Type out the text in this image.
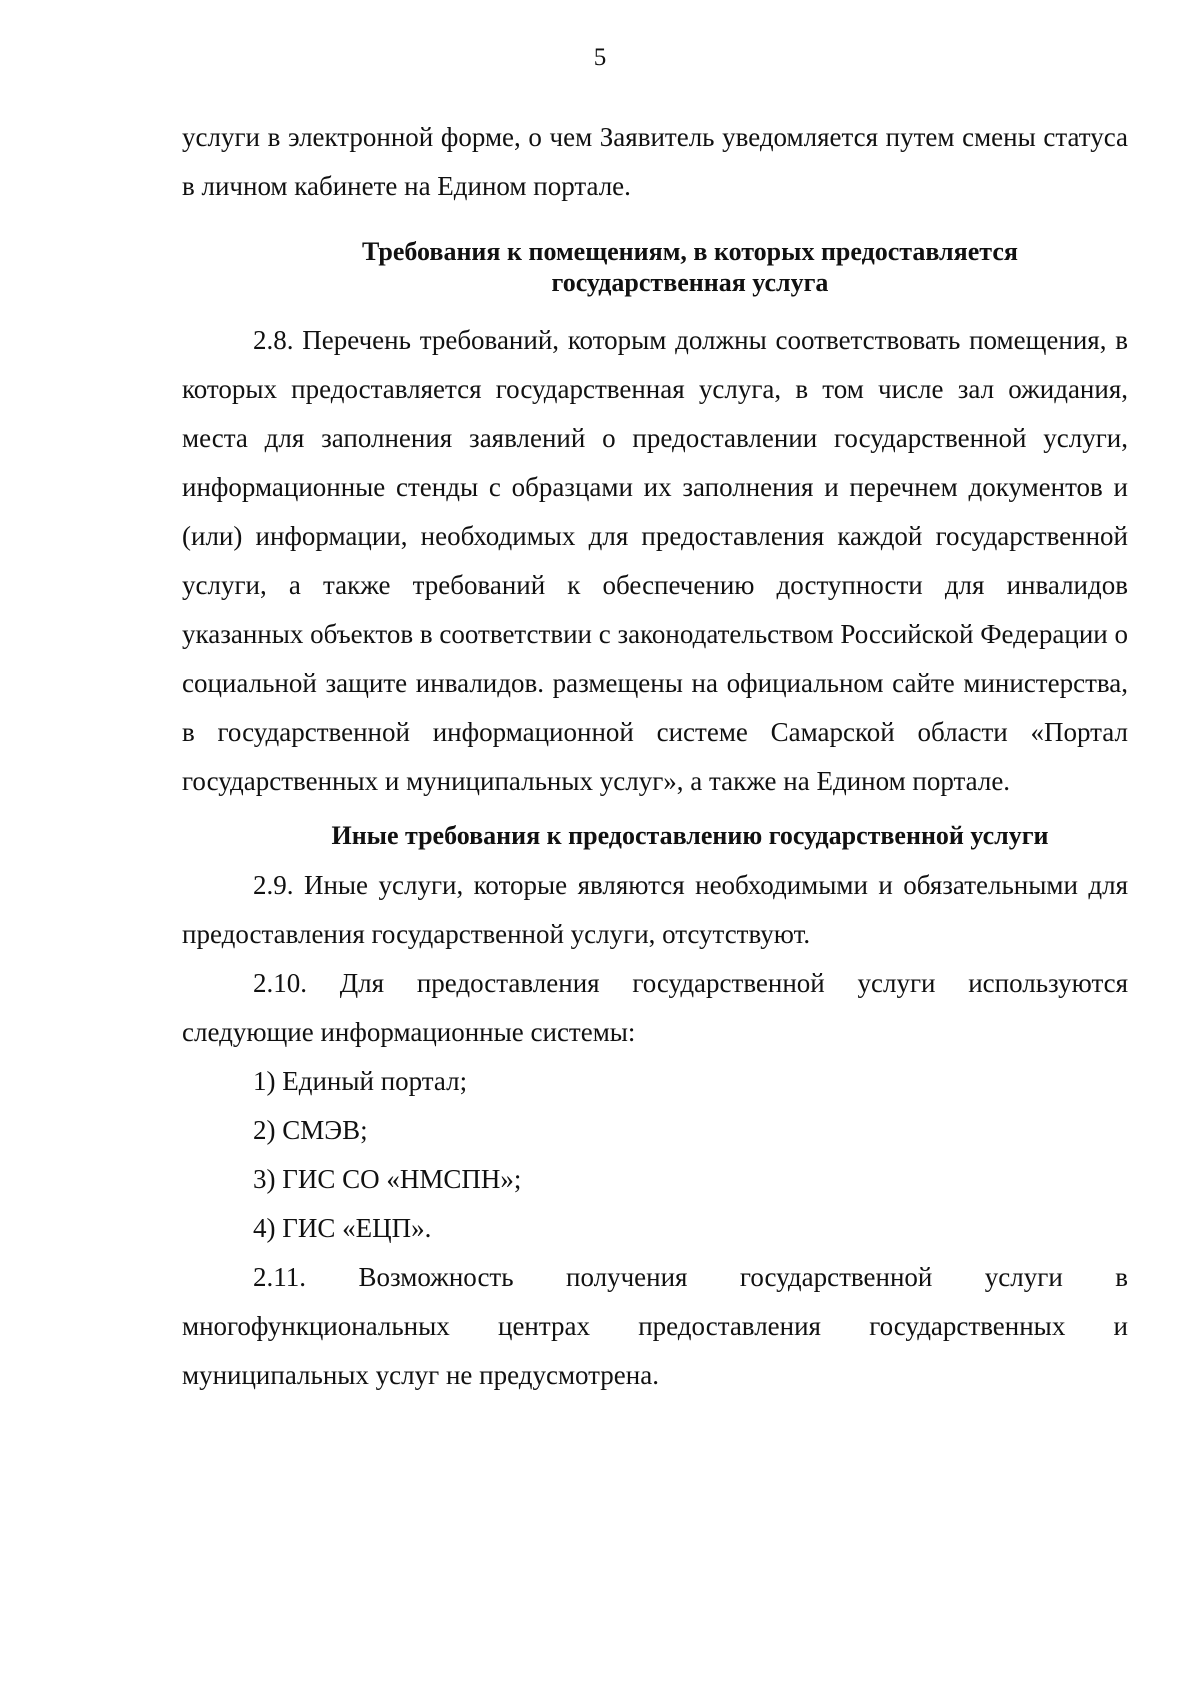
5

услуги в электронной форме, о чем Заявитель уведомляется путем смены статуса в личном кабинете на Едином портале.

Требования к помещениям, в которых предоставляется
государственная услуга

2.8. Перечень требований, которым должны соответствовать помещения, в которых предоставляется государственная услуга, в том числе зал ожидания, места для заполнения заявлений о предоставлении государственной услуги, информационные стенды с образцами их заполнения и перечнем документов и (или) информации, необходимых для предоставления каждой государственной услуги, а также требований к обеспечению доступности для инвалидов указанных объектов в соответствии с законодательством Российской Федерации о социальной защите инвалидов. размещены на официальном сайте министерства, в государственной информационной системе Самарской области «Портал государственных и муниципальных услуг», а также на Едином портале.

Иные требования к предоставлению государственной услуги

2.9. Иные услуги, которые являются необходимыми и обязательными для предоставления государственной услуги, отсутствуют.

2.10. Для предоставления государственной услуги используются следующие информационные системы:

1) Единый портал;

2) СМЭВ;

3) ГИС СО «НМСПН»;

4) ГИС «ЕЦП».

2.11. Возможность получения государственной услуги в многофункциональных центрах предоставления государственных и муниципальных услуг не предусмотрена.
